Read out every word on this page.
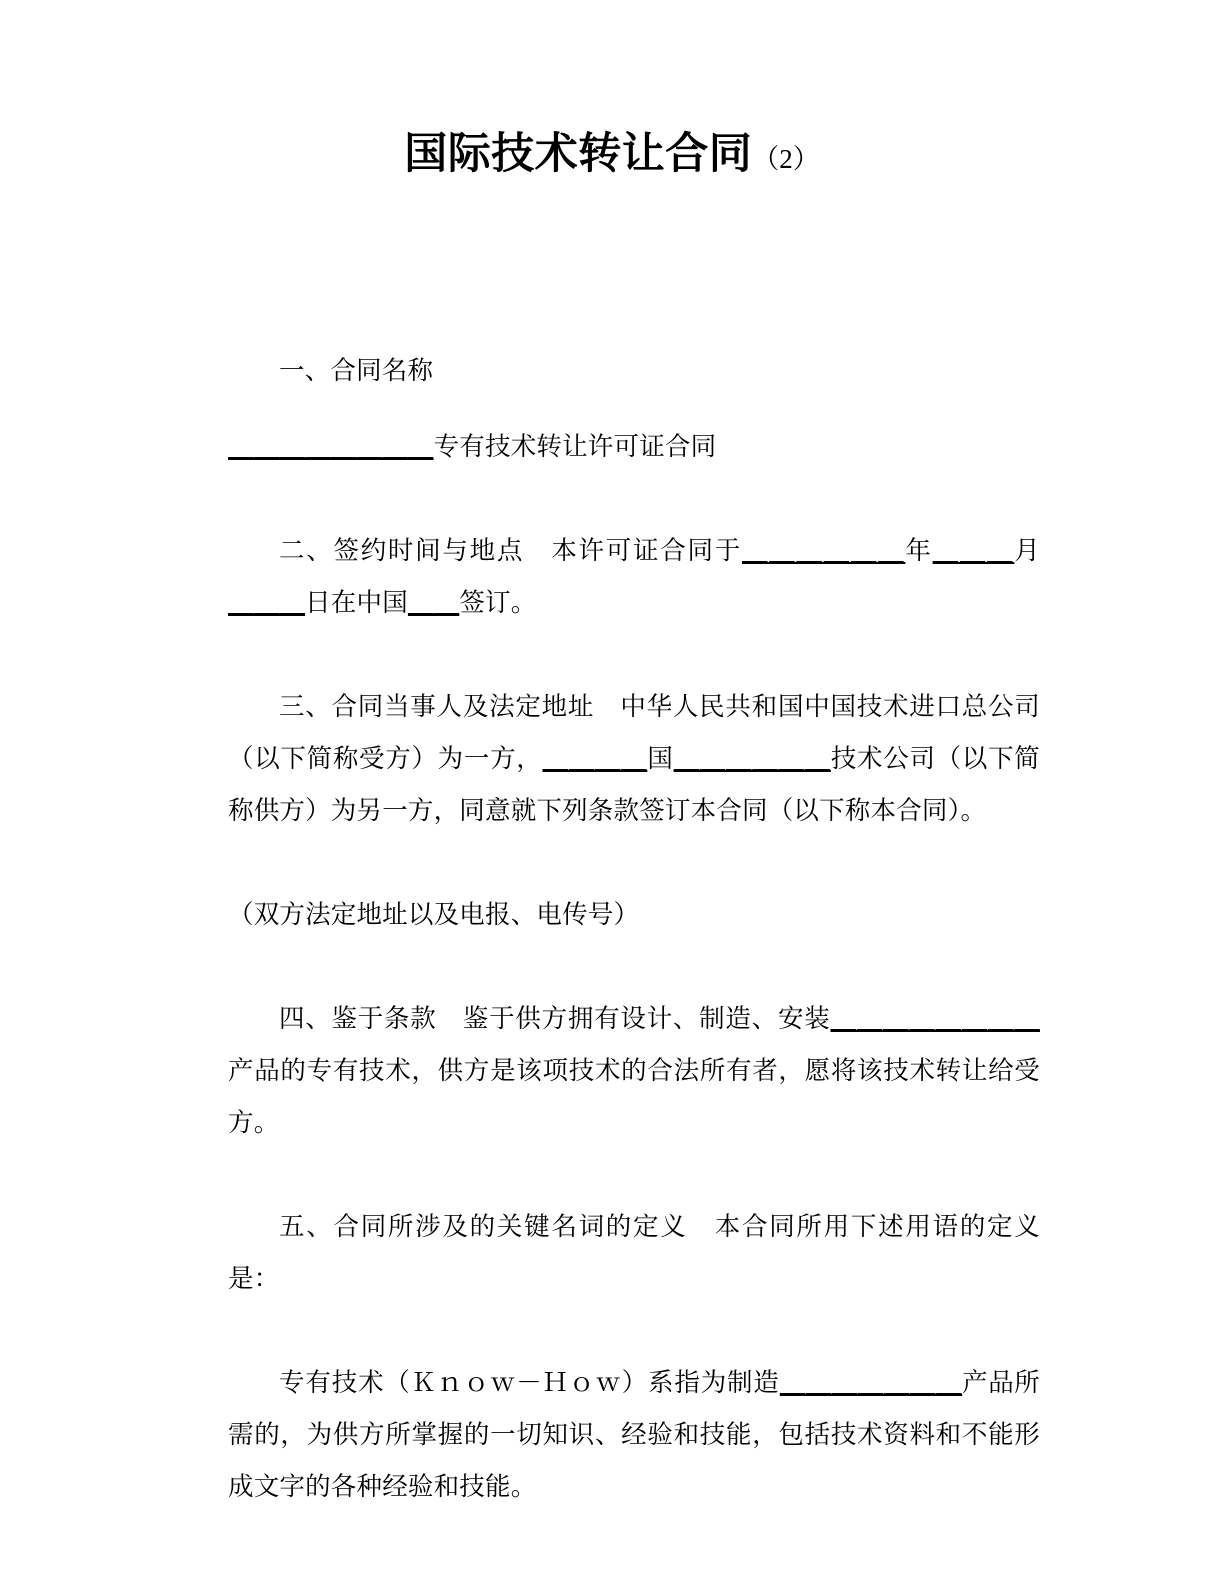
国际技术转让合同（2）

一、合同名称

＿＿＿＿＿＿＿＿专有技术转让许可证合同

二、签约时间与地点　本许可证合同于＿＿＿＿＿＿年＿＿＿月＿＿＿日在中国＿＿签订。

三、合同当事人及法定地址　中华人民共和国中国技术进口总公司（以下简称受方）为一方，＿＿＿＿国＿＿＿＿＿＿技术公司（以下简称供方）为另一方，同意就下列条款签订本合同（以下称本合同）。

（双方法定地址以及电报、电传号）

四、鉴于条款　鉴于供方拥有设计、制造、安装＿＿＿＿＿＿＿＿产品的专有技术，供方是该项技术的合法所有者，愿将该技术转让给受方。

五、合同所涉及的关键名词的定义　本合同所用下述用语的定义是：

专有技术（Ｋｎｏｗ－Ｈｏｗ）系指为制造＿＿＿＿＿＿＿产品所需的，为供方所掌握的一切知识、经验和技能，包括技术资料和不能形成文字的各种经验和技能。
